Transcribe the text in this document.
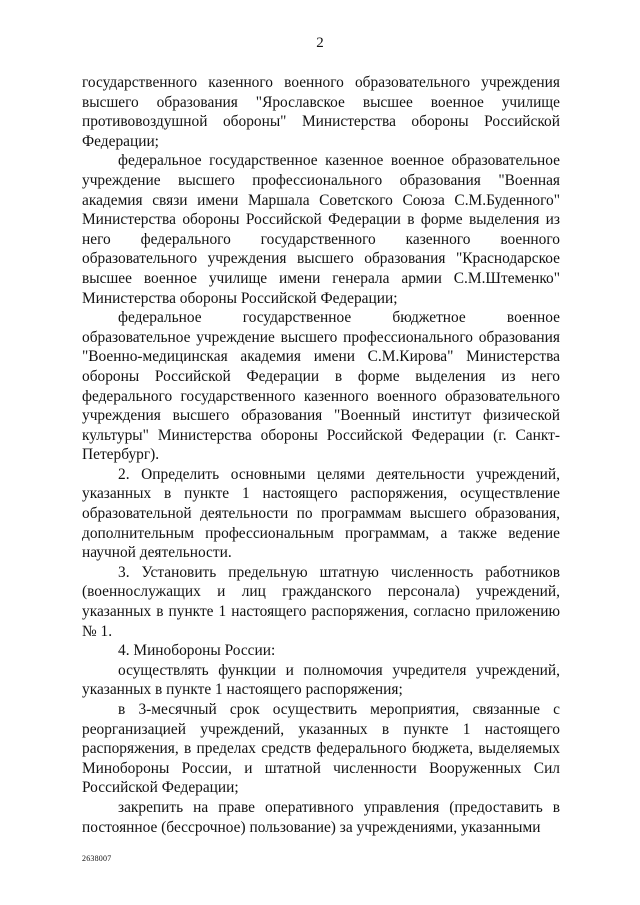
2

государственного казенного военного образовательного учреждения высшего образования "Ярославское высшее военное училище противовоздушной обороны" Министерства обороны Российской Федерации;

федеральное государственное казенное военное образовательное учреждение высшего профессионального образования "Военная академия связи имени Маршала Советского Союза С.М.Буденного" Министерства обороны Российской Федерации в форме выделения из него федерального государственного казенного военного образовательного учреждения высшего образования "Краснодарское высшее военное училище имени генерала армии С.М.Штеменко" Министерства обороны Российской Федерации;

федеральное государственное бюджетное военное образовательное учреждение высшего профессионального образования "Военно-медицинская академия имени С.М.Кирова" Министерства обороны Российской Федерации в форме выделения из него федерального государственного казенного военного образовательного учреждения высшего образования "Военный институт физической культуры" Министерства обороны Российской Федерации (г. Санкт-Петербург).

2. Определить основными целями деятельности учреждений, указанных в пункте 1 настоящего распоряжения, осуществление образовательной деятельности по программам высшего образования, дополнительным профессиональным программам, а также ведение научной деятельности.

3. Установить предельную штатную численность работников (военнослужащих и лиц гражданского персонала) учреждений, указанных в пункте 1 настоящего распоряжения, согласно приложению № 1.

4. Минобороны России:

осуществлять функции и полномочия учредителя учреждений, указанных в пункте 1 настоящего распоряжения;

в 3-месячный срок осуществить мероприятия, связанные с реорганизацией учреждений, указанных в пункте 1 настоящего распоряжения, в пределах средств федерального бюджета, выделяемых Минобороны России, и штатной численности Вооруженных Сил Российской Федерации;

закрепить на праве оперативного управления (предоставить в постоянное (бессрочное) пользование) за учреждениями, указанными

2638007
